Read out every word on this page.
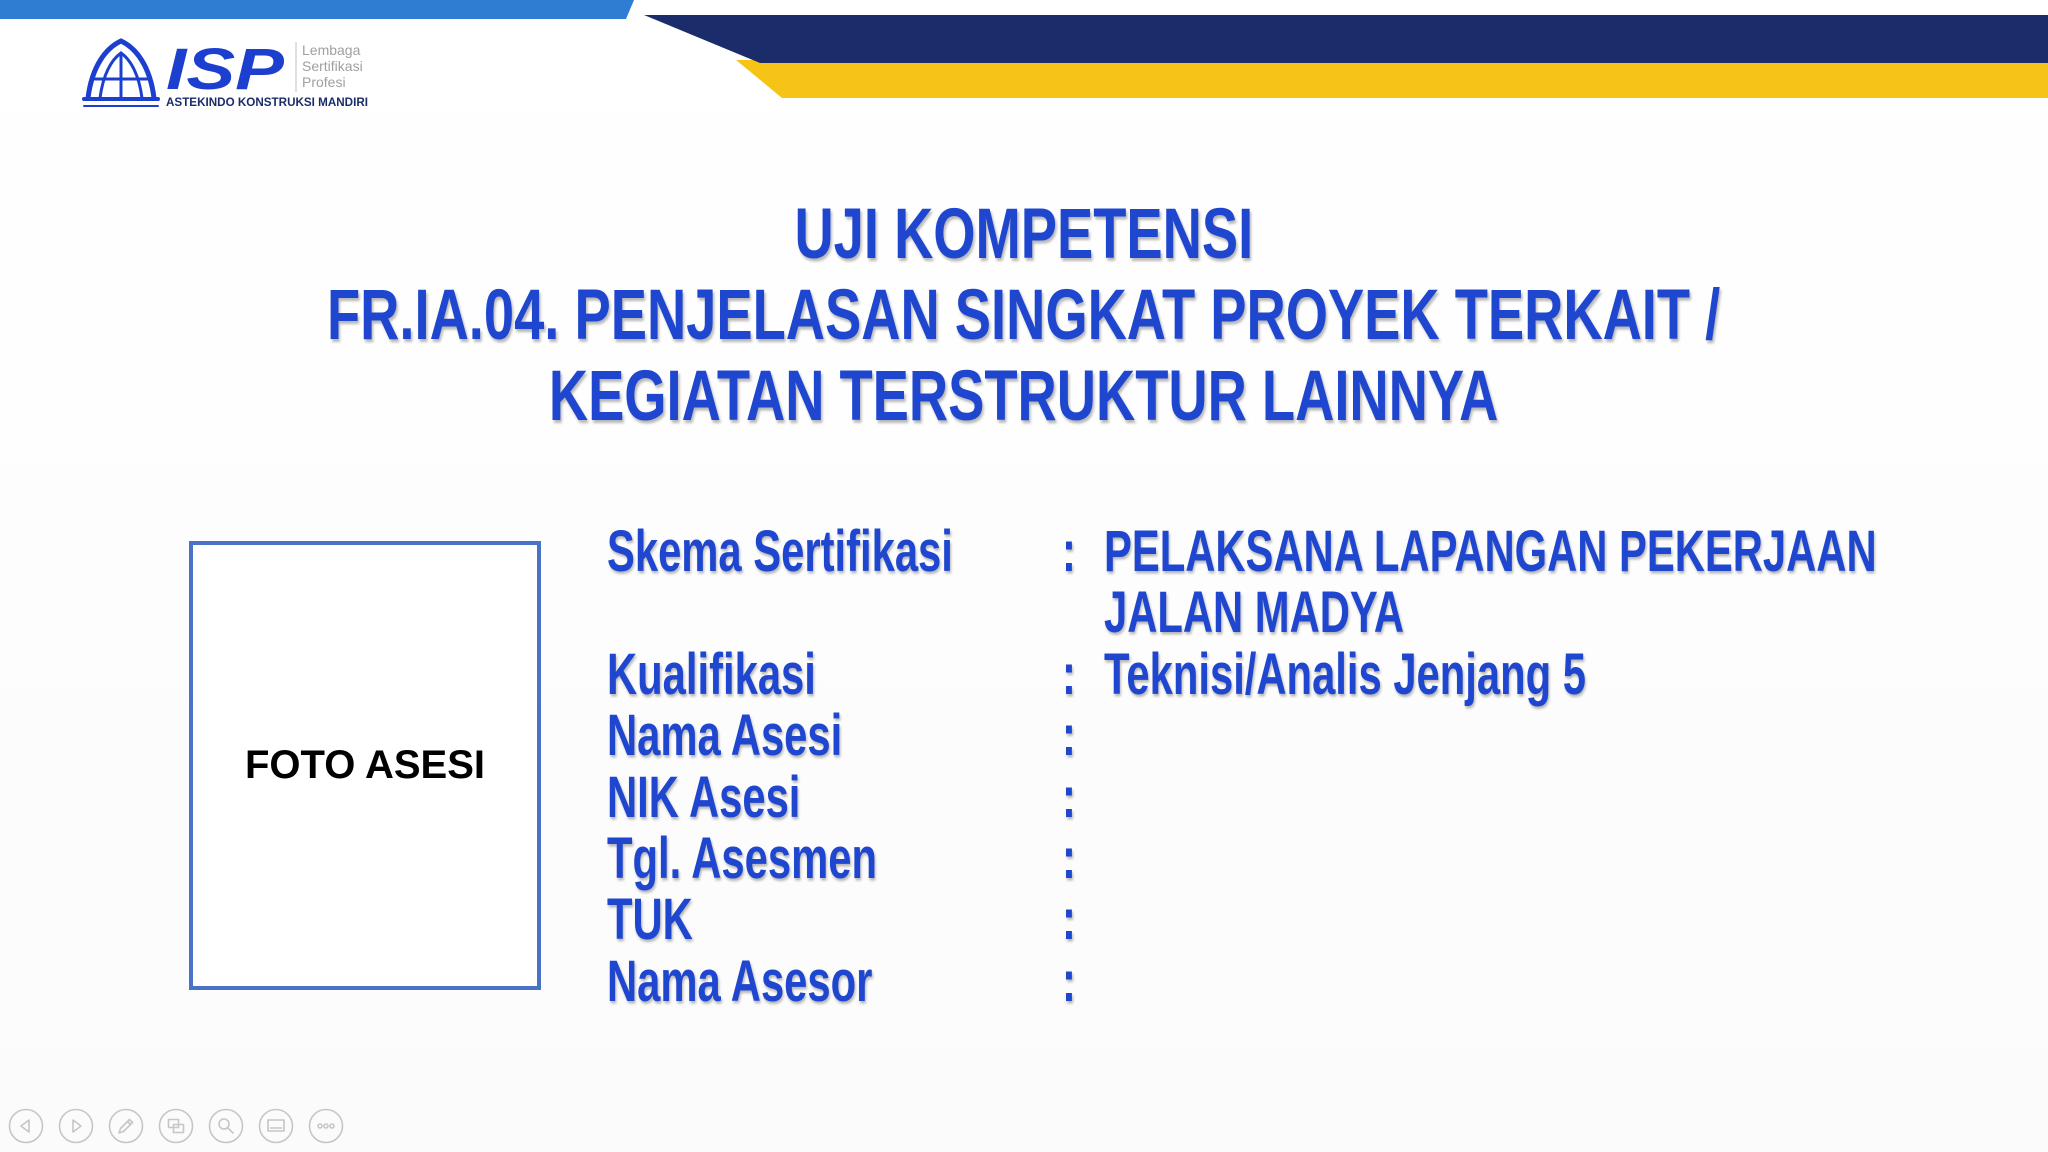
ISP Lembaga
Sertifikasi
Profesi
ASTEKINDO KONSTRUKSI MANDIRI
UJI KOMPETENSI
FR.IA.04. PENJELASAN SINGKAT PROYEK TERKAIT /
KEGIATAN TERSTRUKTUR LAINNYA
FOTO ASESI
Skema Sertifikasi	: PELAKSANA LAPANGAN PEKERJAAN
JALAN MADYA
Kualifikasi	: Teknisi/Analis Jenjang 5
Nama Asesi	:
NIK Asesi	:
Tgl. Asesmen	:
TUK	:
Nama Asesor	:
